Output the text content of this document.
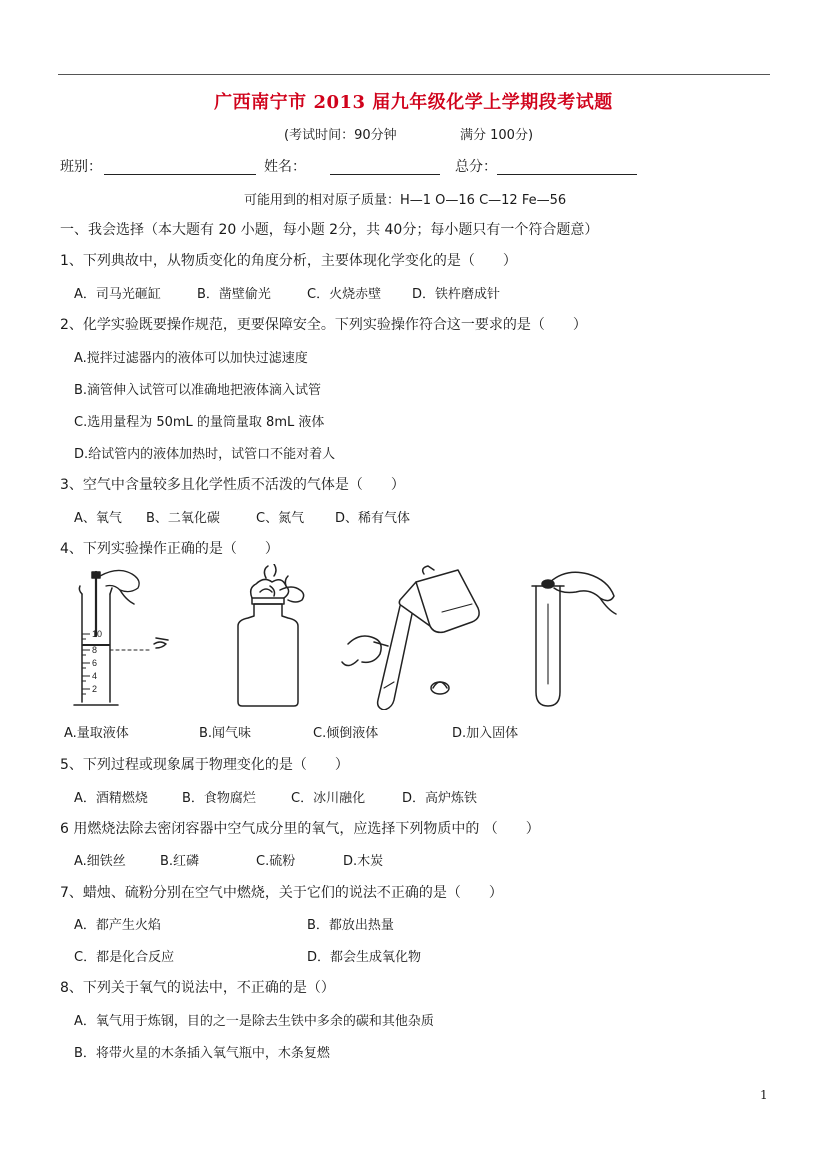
广西南宁市 2013 届九年级化学上学期段考试题
(考试时间：90分钟	满分 100分)
班别：	姓名：	总分：
可能用到的相对原子质量：H—1 O—16 C—12 Fe—56
一、我会选择（本大题有 20 小题，每小题 2分，共 40分；每小题只有一个符合题意）
1、下列典故中，从物质变化的角度分析，主要体现化学变化的是（　　）
A．司马光砸缸	B．凿壁偷光	C．火烧赤壁 D．铁杵磨成针
2、化学实验既要操作规范，更要保障安全。下列实验操作符合这一要求的是（　　）
A.搅拌过滤器内的液体可以加快过滤速度
B.滴管伸入试管可以准确地把液体滴入试管
C.选用量程为 50mL 的量筒量取 8mL 液体
D.给试管内的液体加热时，试管口不能对着人
3、空气中含量较多且化学性质不活泼的气体是（　　）
A、氧气 B、二氧化碳	C、氮气 D、稀有气体
4、下列实验操作正确的是（　　）
10
8
6
4
2
A.量取液体	B.闻气味	C.倾倒液体	D.加入固体
5、下列过程或现象属于物理变化的是（　　）
A．酒精燃烧	B．食物腐烂	C．冰川融化	D．高炉炼铁
6 用燃烧法除去密闭容器中空气成分里的氧气，应选择下列物质中的 （　　）
A.细铁丝	B.红磷	C.硫粉	D.木炭
7、蜡烛、硫粉分别在空气中燃烧，关于它们的说法不正确的是（　　）
A．都产生火焰	B．都放出热量
C．都是化合反应	D．都会生成氧化物
8、下列关于氧气的说法中，不正确的是（）
A．氧气用于炼钢，目的之一是除去生铁中多余的碳和其他杂质
B．将带火星的木条插入氧气瓶中，木条复燃
1
